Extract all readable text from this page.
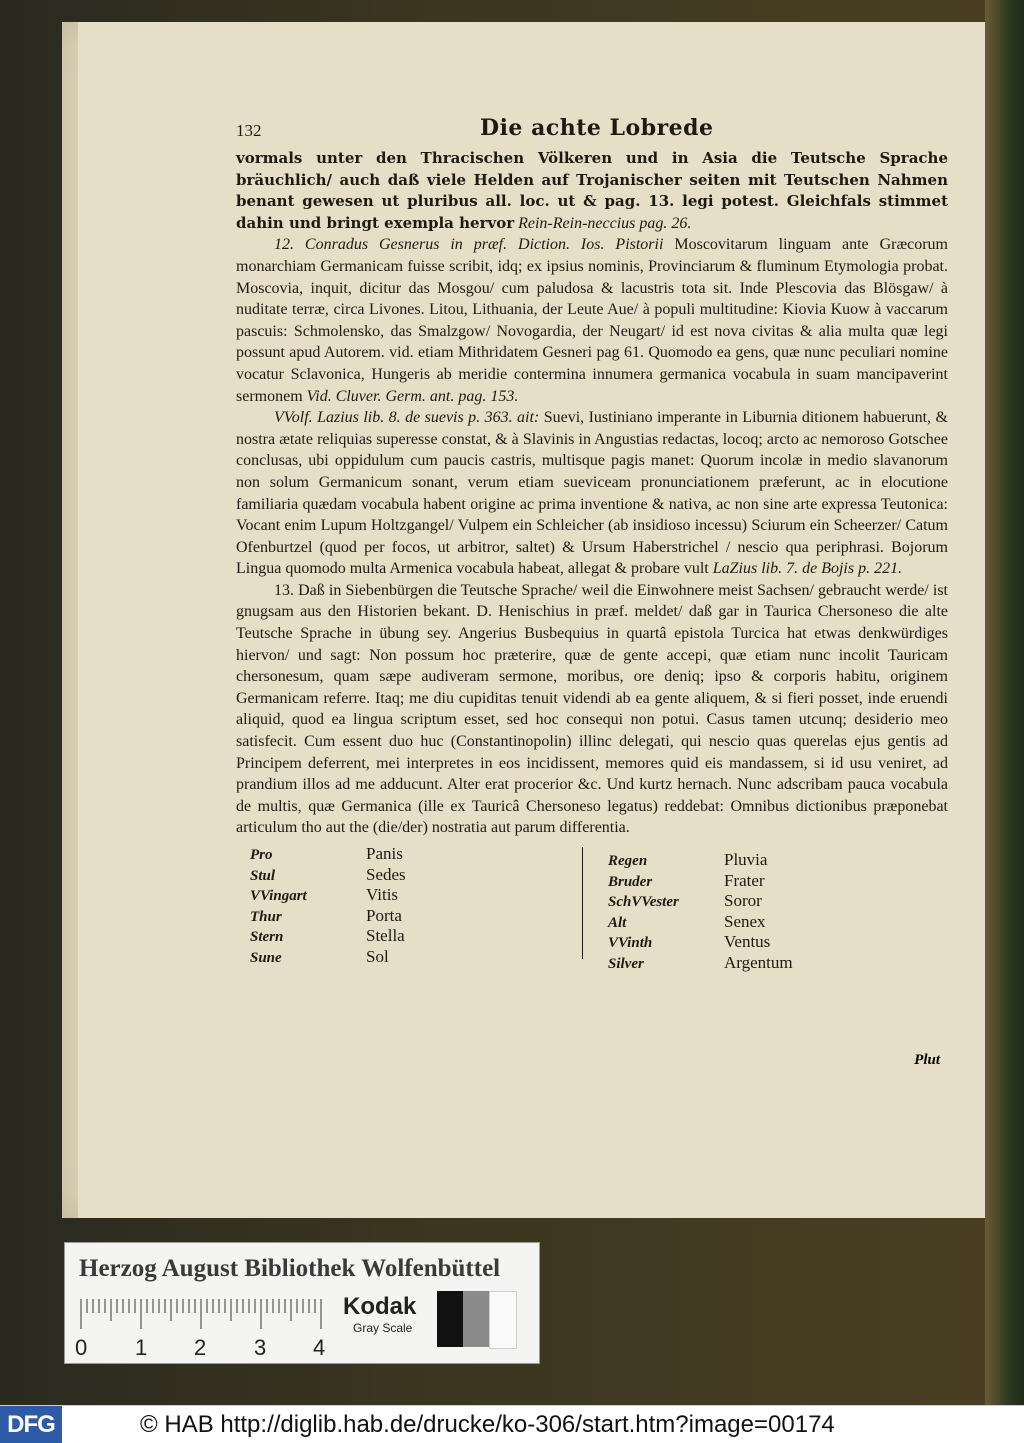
132	Die achte Lobrede

vormals unter den Thracischen Völkeren und in Asia die Teutsche Sprache bräuchlich/ auch daß viele Helden auf Trojanischer seiten mit Teutschen Nahmen benant gewesen ut pluribus all. loc. ut & pag. 13. legi potest. Gleichfals stimmet dahin und bringt exempla hervor Rein-Rein-neccius pag. 26.

12. Conradus Gesnerus in præf. Diction. Ios. Pistorii Moscovitarum linguam ante Græcorum monarchiam Germanicam fuisse scribit, idq; ex ipsius nominis, Provinciarum & fluminum Etymologia probat. Moscovia, inquit, dicitur das Mosgou/ cum paludosa & lacustris tota sit. Inde Plescovia das Blösgaw/ à nuditate terræ, circa Livones. Litou, Lithuania, der Leute Aue/ à populi multitudine: Kiovia Kuow à vaccarum pascuis: Schmolensko, das Smalzgow/ Novogardia, der Neugart/ id est nova civitas & alia multa quæ legi possunt apud Autorem. vid. etiam Mithridatem Gesneri pag 61. Quomodo ea gens, quæ nunc peculiari nomine vocatur Sclavonica, Hungeris ab meridie contermina innumera germanica vocabula in suam mancipaverint sermonem Vid. Cluver. Germ. ant. pag. 153.

VVolf. Lazius lib. 8. de suevis p. 363. ait: Suevi, Iustiniano imperante in Liburnia ditionem habuerunt, & nostra ætate reliquias superesse constat, & à Slavinis in Angustias redactas, locoq; arcto ac nemoroso Gotschee conclusas, ubi oppidulum cum paucis castris, multisque pagis manet: Quorum incolæ in medio slavanorum non solum Germanicum sonant, verum etiam sueviceam pronunciationem præferunt, ac in elocutione familiaria quædam vocabula habent origine ac prima inventione & nativa, ac non sine arte expressa Teutonica: Vocant enim Lupum Holtzgangel/ Vulpem ein Schleicher (ab insidioso incessu) Sciurum ein Scheerzer/ Catum Ofenburtzel (quod per focos, ut arbitror, saltet) & Ursum Haberstrichel / nescio qua periphrasi. Bojorum Lingua quomodo multa Armenica vocabula habeat, allegat & probare vult LaZius lib. 7. de Bojis p. 221.

13. Daß in Siebenbürgen die Teutsche Sprache/ weil die Einwohnere meist Sachsen/ gebraucht werde/ ist gnugsam aus den Historien bekant. D. Henischius in præf. meldet/ daß gar in Taurica Chersoneso die alte Teutsche Sprache in übung sey. Angerius Busbequius in quartâ epistola Turcica hat etwas denkwürdiges hiervon/ und sagt: Non possum hoc præterire, quæ de gente accepi, quæ etiam nunc incolit Tauricam chersonesum, quam sæpe audiveram sermone, moribus, ore deniq; ipso & corporis habitu, originem Germanicam referre. Itaq; me diu cupiditas tenuit videndi ab ea gente aliquem, & si fieri posset, inde eruendi aliquid, quod ea lingua scriptum esset, sed hoc consequi non potui. Casus tamen utcunq; desiderio meo satisfecit. Cum essent duo huc (Constantinopolin) illinc delegati, qui nescio quas querelas ejus gentis ad Principem deferrent, mei interpretes in eos incidissent, memores quid eis mandassem, si id usu veniret, ad prandium illos ad me adducunt. Alter erat procerior &c. Und kurtz hernach. Nunc adscribam pauca vocabula de multis, quæ Germanica (ille ex Tauricâ Chersoneso legatus) reddebat: Omnibus dictionibus præponebat articulum tho aut the (die/der) nostratia aut parum differentia.

Pro	Panis
Stul	Sedes
VVingart	Vitis
Thur	Porta
Stern	Stella
Sune	Sol
Regen	Pluvia
Bruder	Frater
SchVVester	Soror
Alt	Senex
VVinth	Ventus
Silver	Argentum
Plut
Herzog August Bibliothek Wolfenbüttel
0 1 2 3 4
Kodak
Gray Scale
DFG	© HAB http://diglib.hab.de/drucke/ko-306/start.htm?image=00174
